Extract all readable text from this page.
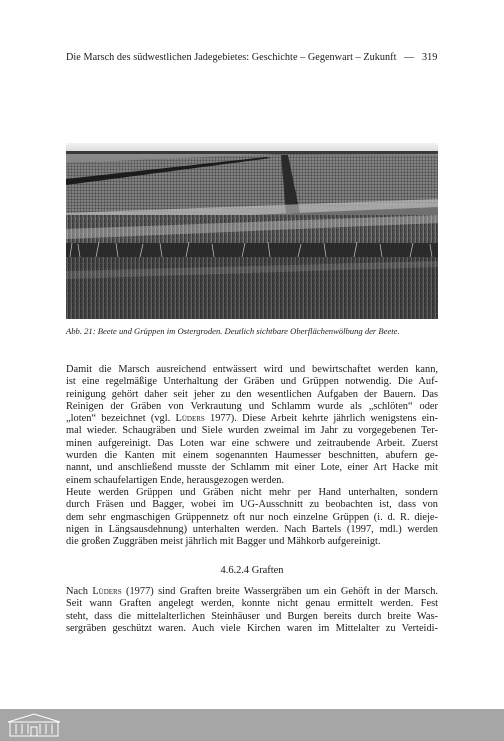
Die Marsch des südwestlichen Jadegebietes: Geschichte – Gegenwart – Zukunft — 319
Abb. 21: Beete und Grüppen im Ostergroden. Deutlich sichtbare Oberflächenwölbung der Beete.
Damit die Marsch ausreichend entwässert wird und bewirtschaftet werden kann,
ist eine regelmäßige Unterhaltung der Gräben und Grüppen notwendig. Die Auf-
reinigung gehört daher seit jeher zu den wesentlichen Aufgaben der Bauern. Das
Reinigen der Gräben von Verkrautung und Schlamm wurde als „schlöten“ oder
„loten“ bezeichnet (vgl. Lüders 1977). Diese Arbeit kehrte jährlich wenigstens ein-
mal wieder. Schaugräben und Siele wurden zweimal im Jahr zu vorgegebenen Ter-
minen aufgereinigt. Das Loten war eine schwere und zeitraubende Arbeit. Zuerst
wurden die Kanten mit einem sogenannten Haumesser beschnitten, abufern ge-
nannt, und anschließend musste der Schlamm mit einer Lote, einer Art Hacke mit
einem schaufelartigen Ende, herausgezogen werden.
Heute werden Grüppen und Gräben nicht mehr per Hand unterhalten, sondern
durch Fräsen und Bagger, wobei im UG-Ausschnitt zu beobachten ist, dass von
dem sehr engmaschigen Grüppennetz oft nur noch einzelne Grüppen (i. d. R. dieje-
nigen in Längsausdehnung) unterhalten werden. Nach Bartels (1997, mdl.) werden
die großen Zuggräben meist jährlich mit Bagger und Mähkorb aufgereinigt.
4.6.2.4 Graften
Nach Lüders (1977) sind Graften breite Wassergräben um ein Gehöft in der Marsch.
Seit wann Graften angelegt werden, konnte nicht genau ermittelt werden. Fest
steht, dass die mittelalterlichen Steinhäuser und Burgen bereits durch breite Was-
sergräben geschützt waren. Auch viele Kirchen waren im Mittelalter zu Verteidi-
